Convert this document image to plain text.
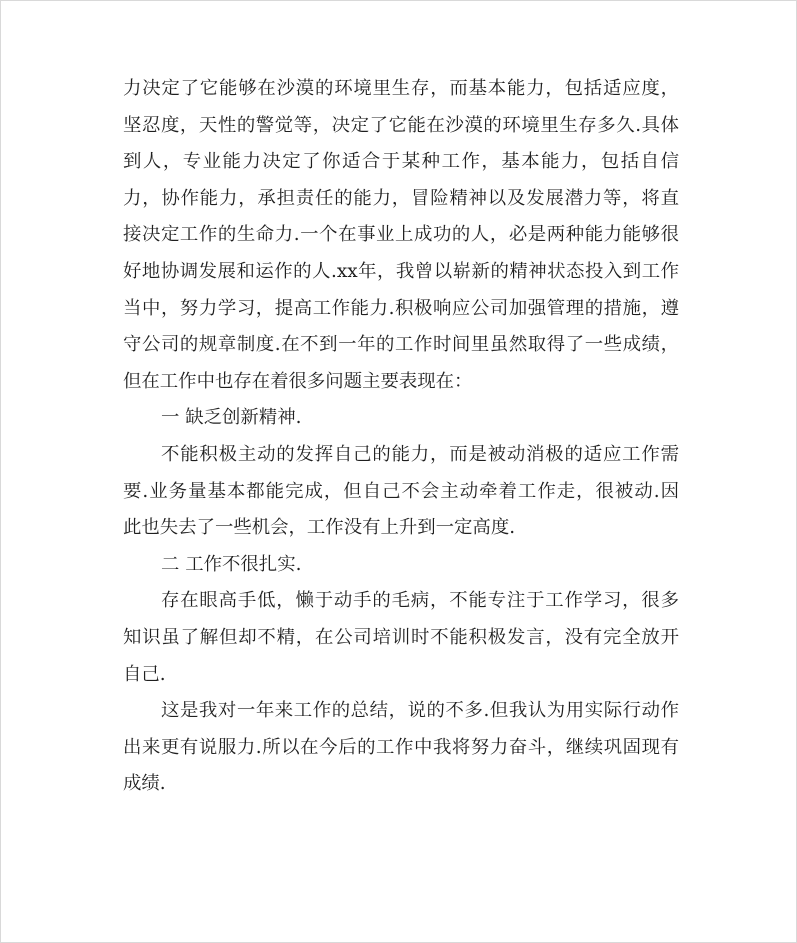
力决定了它能够在沙漠的环境里生存，而基本能力，包括适应度，
坚忍度，天性的警觉等，决定了它能在沙漠的环境里生存多久.具体
到人，专业能力决定了你适合于某种工作，基本能力，包括自信
力，协作能力，承担责任的能力，冒险精神以及发展潜力等，将直
接决定工作的生命力.一个在事业上成功的人，必是两种能力能够很
好地协调发展和运作的人.xx年，我曾以崭新的精神状态投入到工作
当中，努力学习，提高工作能力.积极响应公司加强管理的措施，遵
守公司的规章制度.在不到一年的工作时间里虽然取得了一些成绩，
但在工作中也存在着很多问题主要表现在：
一 缺乏创新精神.
不能积极主动的发挥自己的能力，而是被动消极的适应工作需
要.业务量基本都能完成，但自己不会主动牵着工作走，很被动.因
此也失去了一些机会，工作没有上升到一定高度.
二 工作不很扎实.
存在眼高手低，懒于动手的毛病，不能专注于工作学习，很多
知识虽了解但却不精，在公司培训时不能积极发言，没有完全放开
自己.
这是我对一年来工作的总结，说的不多.但我认为用实际行动作
出来更有说服力.所以在今后的工作中我将努力奋斗，继续巩固现有
成绩.
